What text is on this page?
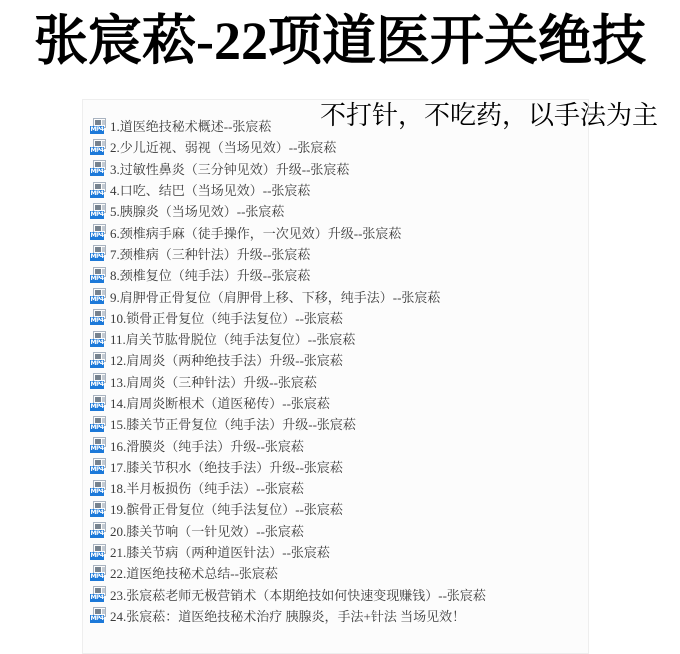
张宸菘-22项道医开关绝技
不打针，不吃药，以手法为主
MP4 1.道医绝技秘术概述--张宸菘
MP4 2.少儿近视、弱视（当场见效）--张宸菘
MP4 3.过敏性鼻炎（三分钟见效）升级--张宸菘
MP4 4.口吃、结巴（当场见效）--张宸菘
MP4 5.胰腺炎（当场见效）--张宸菘
MP4 6.颈椎病手麻（徒手操作，一次见效）升级--张宸菘
MP4 7.颈椎病（三种针法）升级--张宸菘
MP4 8.颈椎复位（纯手法）升级--张宸菘
MP4 9.肩胛骨正骨复位（肩胛骨上移、下移，纯手法）--张宸菘
MP4 10.锁骨正骨复位（纯手法复位）--张宸菘
MP4 11.肩关节肱骨脱位（纯手法复位）--张宸菘
MP4 12.肩周炎（两种绝技手法）升级--张宸菘
MP4 13.肩周炎（三种针法）升级--张宸菘
MP4 14.肩周炎断根术（道医秘传）--张宸菘
MP4 15.膝关节正骨复位（纯手法）升级--张宸菘
MP4 16.滑膜炎（纯手法）升级--张宸菘
MP4 17.膝关节积水（绝技手法）升级--张宸菘
MP4 18.半月板损伤（纯手法）--张宸菘
MP4 19.髌骨正骨复位（纯手法复位）--张宸菘
MP4 20.膝关节响（一针见效）--张宸菘
MP4 21.膝关节病（两种道医针法）--张宸菘
MP4 22.道医绝技秘术总结--张宸菘
MP4 23.张宸菘老师无极营销术（本期绝技如何快速变现赚钱）--张宸菘
MP4 24.张宸菘：道医绝技秘术治疗 胰腺炎，手法+针法 当场见效！
